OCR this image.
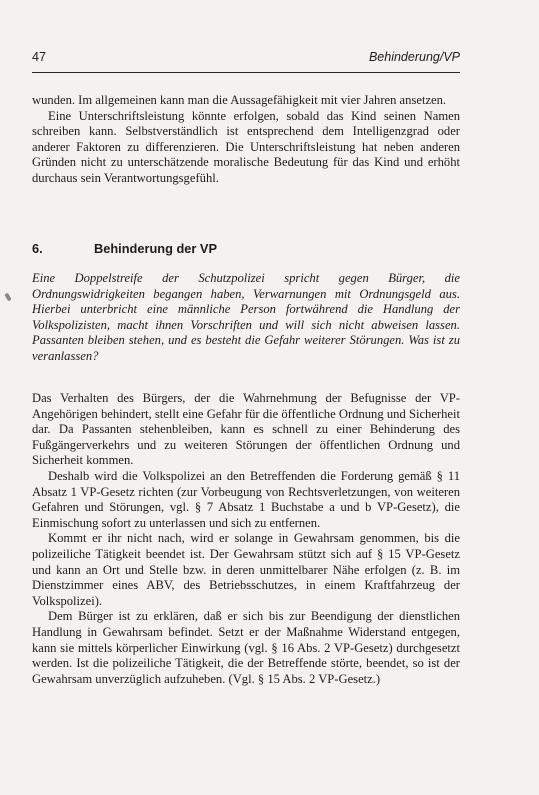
47	Behinderung/VP

wunden. Im allgemeinen kann man die Aussagefähigkeit mit vier Jahren ansetzen.

Eine Unterschriftsleistung könnte erfolgen, sobald das Kind seinen Namen schreiben kann. Selbstverständlich ist entsprechend dem Intelligenzgrad oder anderer Faktoren zu differenzieren. Die Unterschriftsleistung hat neben anderen Gründen nicht zu unterschätzende moralische Bedeutung für das Kind und erhöht durchaus sein Verantwortungsgefühl.

6.	Behinderung der VP

Eine Doppelstreife der Schutzpolizei spricht gegen Bürger, die Ordnungswidrigkeiten begangen haben, Verwarnungen mit Ordnungsgeld aus. Hierbei unterbricht eine männliche Person fortwährend die Handlung der Volkspolizisten, macht ihnen Vorschriften und will sich nicht abweisen lassen. Passanten bleiben stehen, und es besteht die Gefahr weiterer Störungen. Was ist zu veranlassen?

Das Verhalten des Bürgers, der die Wahrnehmung der Befugnisse der VP-Angehörigen behindert, stellt eine Gefahr für die öffentliche Ordnung und Sicherheit dar. Da Passanten stehenbleiben, kann es schnell zu einer Behinderung des Fußgängerverkehrs und zu weiteren Störungen der öffentlichen Ordnung und Sicherheit kommen.

Deshalb wird die Volkspolizei an den Betreffenden die Forderung gemäß § 11 Absatz 1 VP-Gesetz richten (zur Vorbeugung von Rechtsverletzungen, von weiteren Gefahren und Störungen, vgl. § 7 Absatz 1 Buchstabe a und b VP-Gesetz), die Einmischung sofort zu unterlassen und sich zu entfernen.

Kommt er ihr nicht nach, wird er solange in Gewahrsam genommen, bis die polizeiliche Tätigkeit beendet ist. Der Gewahrsam stützt sich auf § 15 VP-Gesetz und kann an Ort und Stelle bzw. in deren unmittelbarer Nähe erfolgen (z. B. im Dienstzimmer eines ABV, des Betriebsschutzes, in einem Kraftfahrzeug der Volkspolizei).

Dem Bürger ist zu erklären, daß er sich bis zur Beendigung der dienstlichen Handlung in Gewahrsam befindet. Setzt er der Maßnahme Widerstand entgegen, kann sie mittels körperlicher Einwirkung (vgl. § 16 Abs. 2 VP-Gesetz) durchgesetzt werden. Ist die polizeiliche Tätigkeit, die der Betreffende störte, beendet, so ist der Gewahrsam unverzüglich aufzuheben. (Vgl. § 15 Abs. 2 VP-Gesetz.)
